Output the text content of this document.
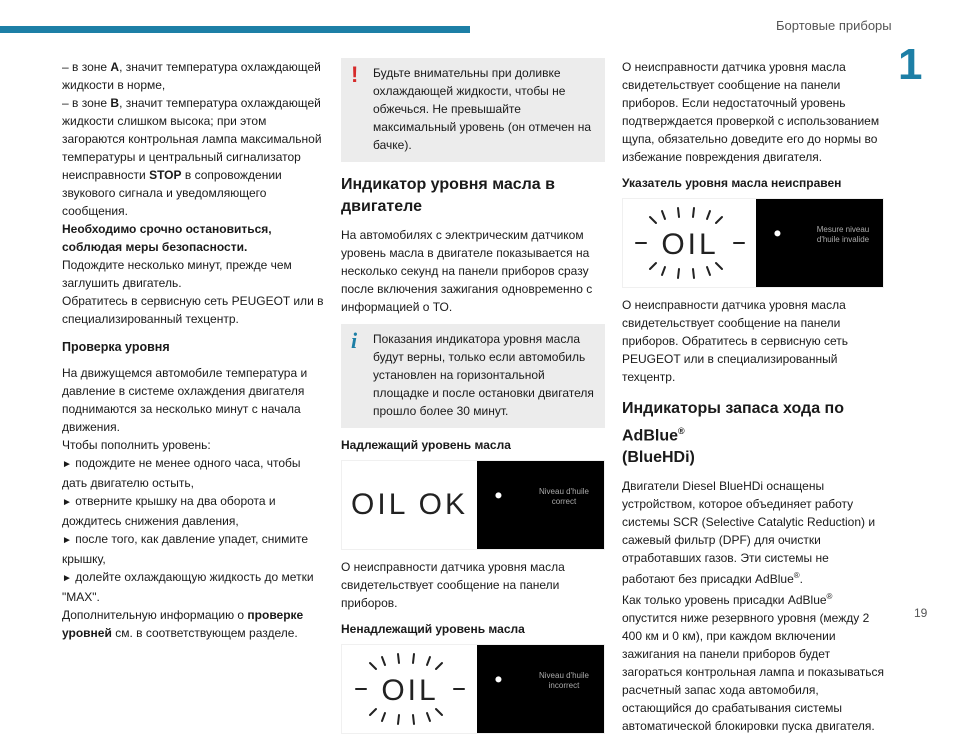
Бортовые приборы
1
19

– в зоне A, значит температура охлаждающей жидкости в норме,

– в зоне B, значит температура охлаждающей жидкости слишком высока; при этом загораются контрольная лампа максимальной температуры и центральный сигнализатор неисправности STOP в сопровождении звукового сигнала и уведомляющего сообщения.

Необходимо срочно остановиться, соблюдая меры безопасности.

Подождите несколько минут, прежде чем заглушить двигатель.

Обратитесь в сервисную сеть PEUGEOT или в специализированный техцентр.

Проверка уровня

На движущемся автомобиле температура и давление в системе охлаждения двигателя поднимаются за несколько минут с начала движения.

Чтобы пополнить уровень:

► подождите не менее одного часа, чтобы дать двигателю остыть,

► отверните крышку на два оборота и дождитесь снижения давления,

► после того, как давление упадет, снимите крышку,

► долейте охлаждающую жидкость до метки "MAX".

Дополнительную информацию о проверке уровней см. в соответствующем разделе.

! Будьте внимательны при доливке охлаждающей жидкости, чтобы не обжечься. Не превышайте максимальный уровень (он отмечен на бачке).

Индикатор уровня масла в двигателе

На автомобилях с электрическим датчиком уровень масла в двигателе показывается на несколько секунд на панели приборов сразу после включения зажигания одновременно с информацией о ТО.

i Показания индикатора уровня масла будут верны, только если автомобиль установлен на горизонтальной площадке и после остановки двигателя прошло более 30 минут.

Надлежащий уровень масла
OIL OK	⚫	Niveau d'huile correct

О неисправности датчика уровня масла свидетельствует сообщение на панели приборов.

Ненадлежащий уровень масла
OIL	⚫	Niveau d'huile incorrect

О неисправности датчика уровня масла свидетельствует сообщение на панели приборов. Если недостаточный уровень подтверждается проверкой с использованием щупа, обязательно доведите его до нормы во избежание повреждения двигателя.

Указатель уровня масла неисправен
OIL	⚫	Mesure niveau d'huile invalide

О неисправности датчика уровня масла свидетельствует сообщение на панели приборов. Обратитесь в сервисную сеть PEUGEOT или в специализированный техцентр.

Индикаторы запаса хода по AdBlue®
(BlueHDi)

Двигатели Diesel BlueHDi оснащены устройством, которое объединяет работу системы SCR (Selective Catalytic Reduction) и сажевый фильтр (DPF) для очистки отработавших газов. Эти системы не работают без присадки AdBlue®.

Как только уровень присадки AdBlue® опустится ниже резервного уровня (между 2 400 км и 0 км), при каждом включении зажигания на панели приборов будет загораться контрольная лампа и показываться расчетный запас хода автомобиля, остающийся до срабатывания системы автоматической блокировки пуска двигателя.
